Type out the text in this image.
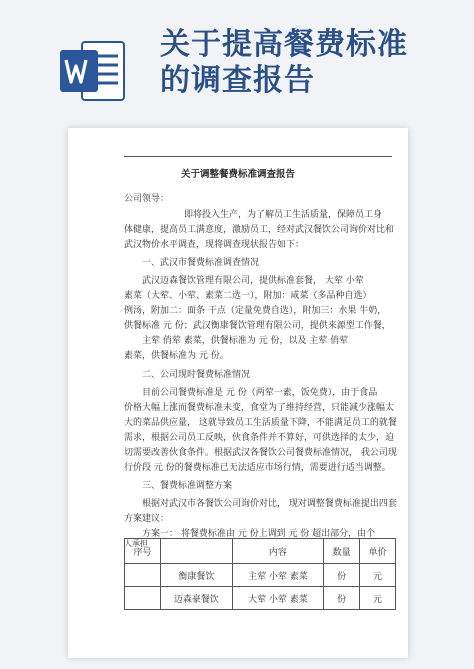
关于提高餐费标准
的调查报告
关于调整餐费标准调查报告
公司领导：
即将投入生产，为了解员工生活质量，保障员工身
体健康，提高员工满意度，激励员工，经对武汉餐饮公司询价对比和
武汉物价水平调查，现将调查现状报告如下：
一、武汉市餐费标准调查情况
武汉迈森餐饮管理有限公司，提供标准套餐， 大荤 小荤
素菜（大荤、小荤、素菜二选一），附加：咸菜（多品种自选）
例汤，附加二：面条 干点（定量免费自选），附加三：水果 牛奶，
供餐标准 元 份；武汉衡康餐饮管理有限公司，提供来源型工作餐，
主荤 俏荤 素菜，供餐标准为 元 份，以及 主荤 俏荤
素菜，供餐标准为 元 份。
二、公司现时餐费标准情况
目前公司餐费标准是 元 份（两荤一素，饭免费），由于食品
价格大幅上涨而餐费标准未变，食堂为了维持经营，只能减少涨幅太
大的菜品供应量， 这就导致员工生活质量下降，不能满足员工的就餐
需求，根据公司员工反映，伙食条件并不算好，可供选择的太少，迫
切需要改善伙食条件。根据武汉各餐饮公司餐费标准情况， 我公司现
行价段 元 份的餐费标准已无法适应市场行情，需要进行适当调整。
序号		内容	数量	单价
	衡康餐饮	主荤 小荤 素菜	份	元
	迈森豪餐饮	大荤 小荤 素菜	份	元
三、餐费标准调整方案
根据对武汉市各餐饮公司询价对比， 现对调整餐费标准提出四套
方案建议：
方案一： 将餐费标准由 元 份上调到 元 份 超出部分，由个
人承担
